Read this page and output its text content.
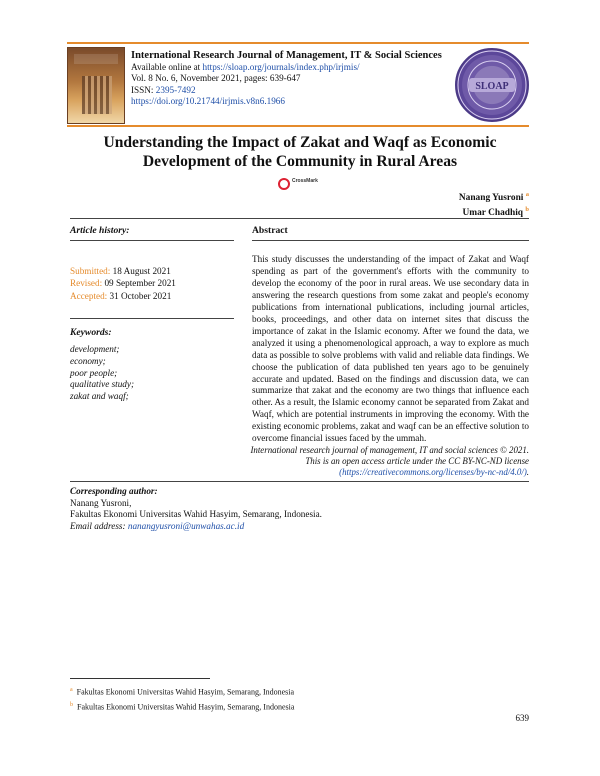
International Research Journal of Management, IT & Social Sciences
Available online at https://sloap.org/journals/index.php/irjmis/
Vol. 8 No. 6, November 2021, pages: 639-647
ISSN: 2395-7492
https://doi.org/10.21744/irjmis.v8n6.1966
SLOAP
Understanding the Impact of Zakat and Waqf as Economic
Development of the Community in Rural Areas
CrossMark
Nanang Yusroni $^a$
Umar Chadhiq $^b$
Article history:	Abstract
Submitted: 18 August 2021
Revised: 09 September 2021
Accepted: 31 October 2021
Keywords:
development;
economy;
poor people;
qualitative study;
zakat and waqf;
This study discusses the understanding of the impact of Zakat and Waqf spending as part of the government's efforts with the community to develop the economy of the poor in rural areas. We use secondary data in answering the research questions from some zakat and people's economy publications from international publications, including journal articles, books, proceedings, and other data on internet sites that discuss the importance of zakat in the Islamic economy. After we found the data, we analyzed it using a phenomenological approach, a way to explore as much data as possible to solve problems with valid and reliable data findings. We choose the publication of data published ten years ago to be genuinely accurate and updated. Based on the findings and discussion data, we can summarize that zakat and the economy are two things that influence each other. As a result, the Islamic economy cannot be separated from Zakat and Waqf, which are potential instruments in improving the economy. With the existing economic problems, zakat and waqf can be an effective solution to overcome financial issues faced by the ummah.
International research journal of management, IT and social sciences © 2021.
This is an open access article under the CC BY-NC-ND license
(https://creativecommons.org/licenses/by-nc-nd/4.0/).
Corresponding author:
Nanang Yusroni,
Fakultas Ekonomi Universitas Wahid Hasyim, Semarang, Indonesia.
Email address: nanangyusroni@unwahas.ac.id
$^a$ Fakultas Ekonomi Universitas Wahid Hasyim, Semarang, Indonesia
$^b$ Fakultas Ekonomi Universitas Wahid Hasyim, Semarang, Indonesia
639
